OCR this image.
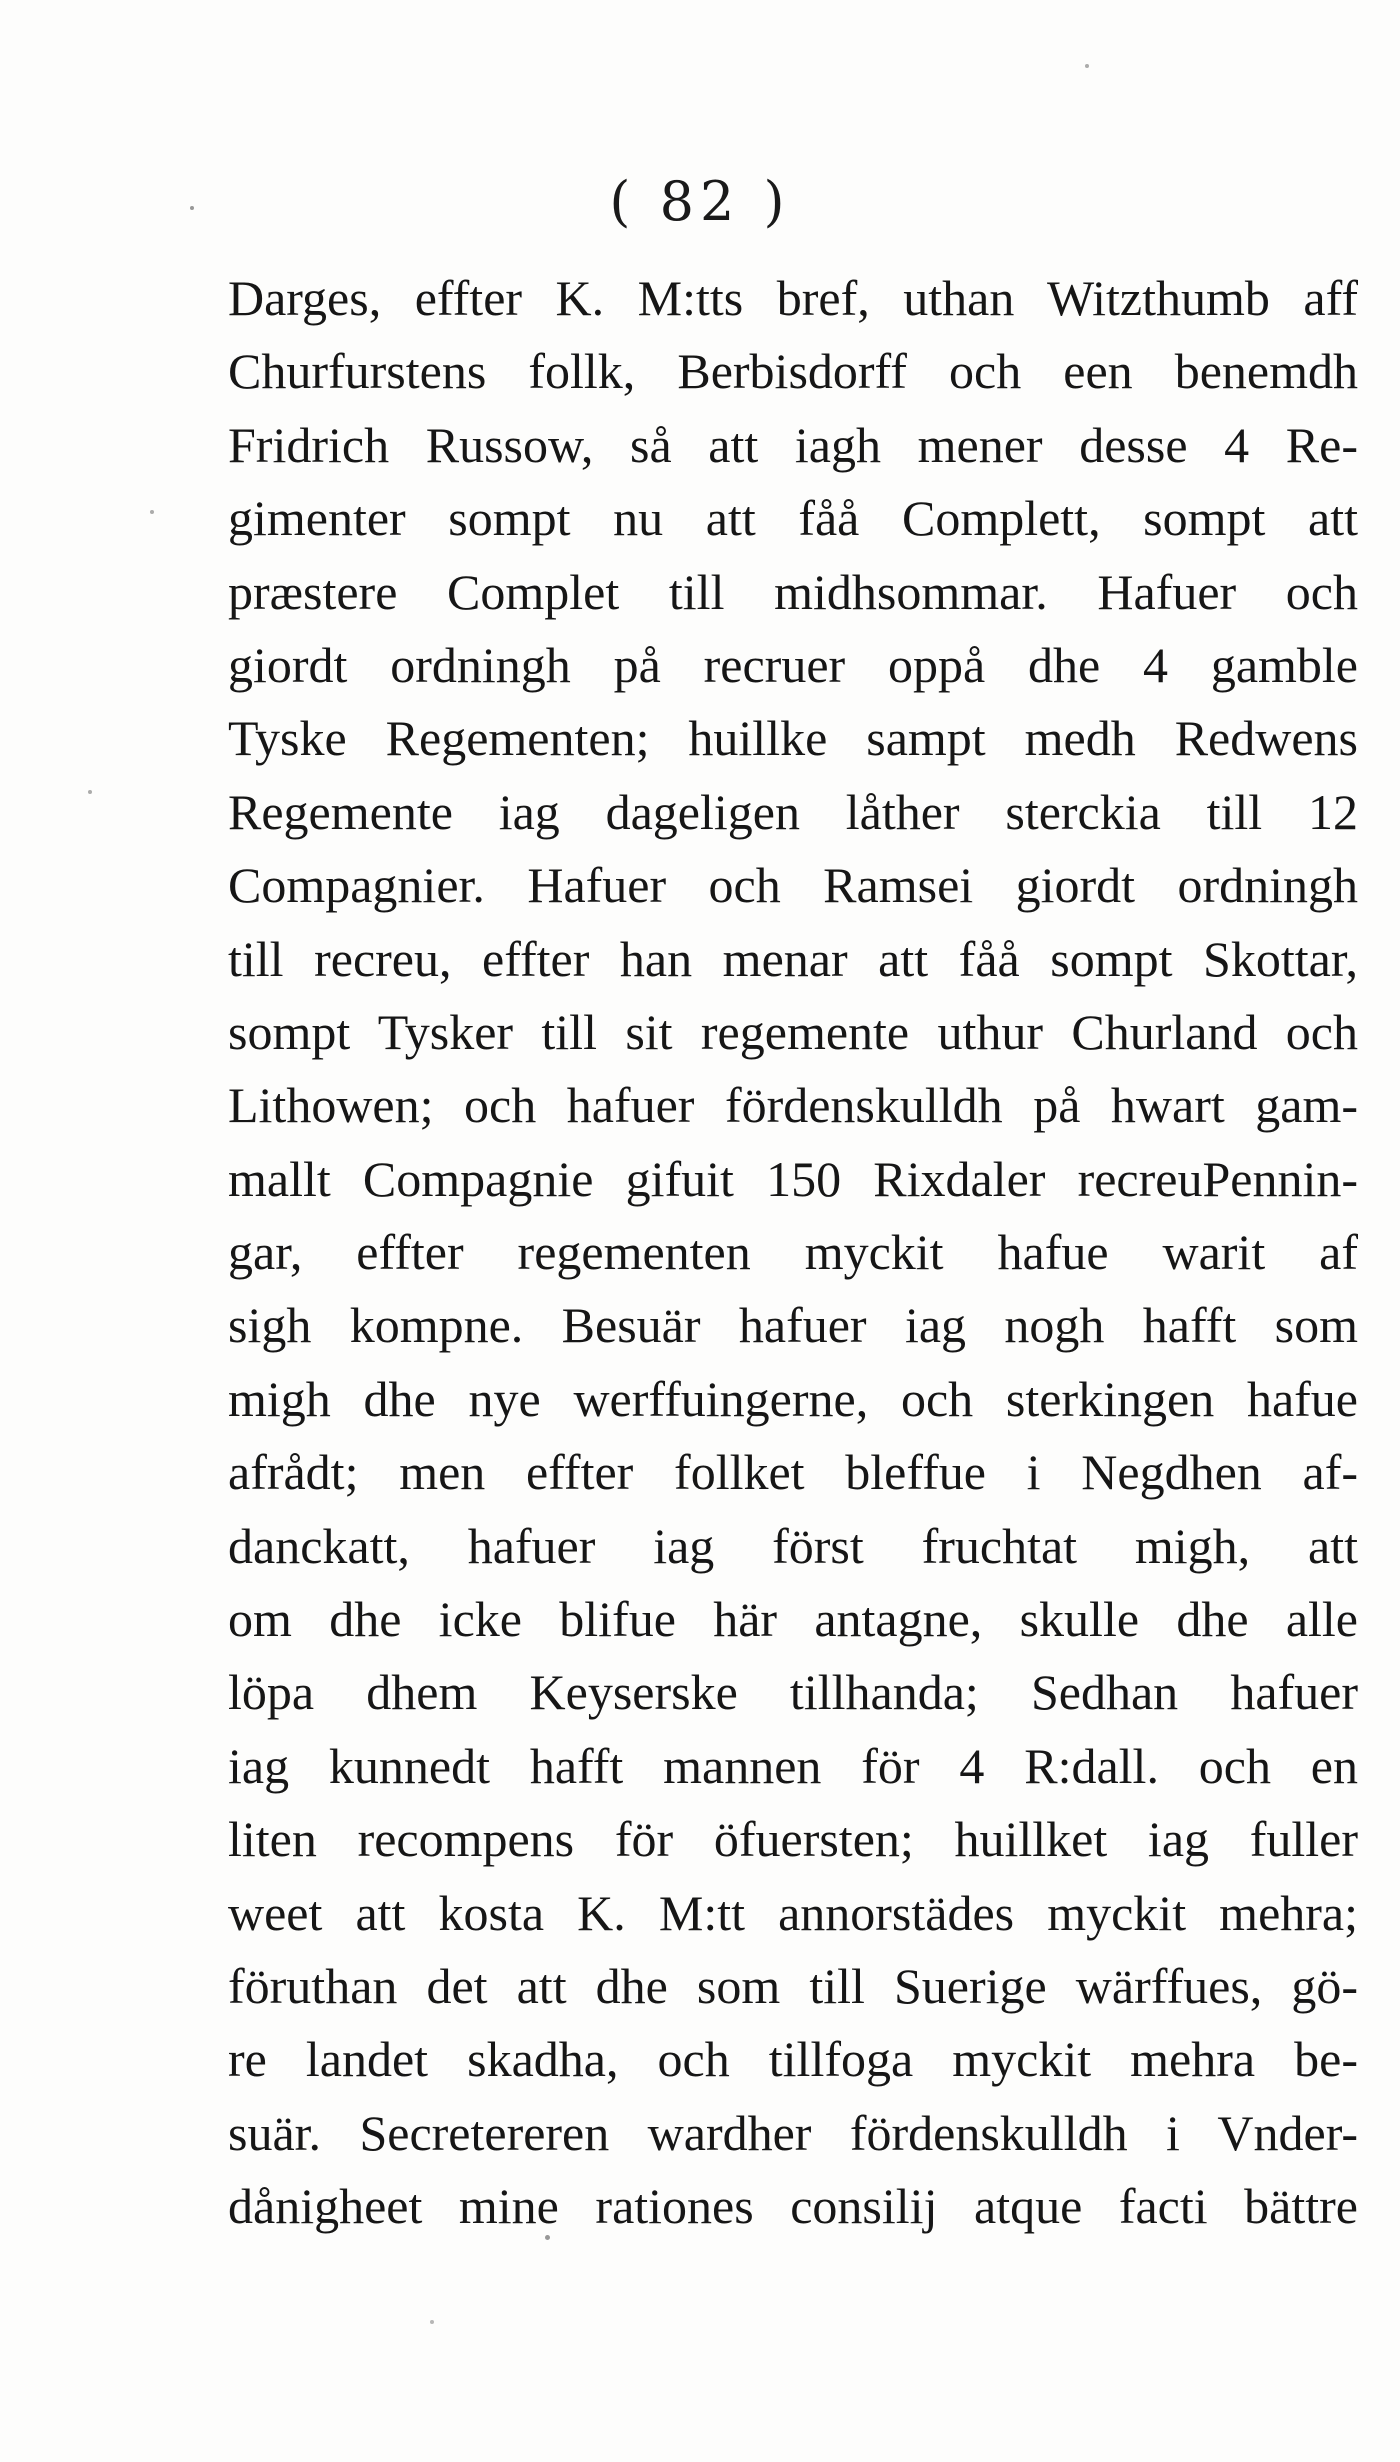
( 82 )
Darges, effter K. M:tts bref, uthan Witzthumb aff
Churfurstens follk, Berbisdorff och een benemdh
Fridrich Russow, så att iagh mener desse 4 Re-
gimenter sompt nu att fåå Complett, sompt att
præstere Complet till midhsommar. Hafuer och
giordt ordningh på recruer oppå dhe 4 gamble
Tyske Regementen; huillke sampt medh Redwens
Regemente iag dageligen låther sterckia till 12
Compagnier. Hafuer och Ramsei giordt ordningh
till recreu, effter han menar att fåå sompt Skottar,
sompt Tysker till sit regemente uthur Churland och
Lithowen; och hafuer fördenskulldh på hwart gam-
mallt Compagnie gifuit 150 Rixdaler recreuPennin-
gar, effter regementen myckit hafue warit af
sigh kompne. Besuär hafuer iag nogh hafft som
migh dhe nye werffuingerne, och sterkingen hafue
afrådt; men effter follket bleffue i Negdhen af-
danckatt, hafuer iag först fruchtat migh, att
om dhe icke blifue här antagne, skulle dhe alle
löpa dhem Keyserske tillhanda; Sedhan hafuer
iag kunnedt hafft mannen för 4 R:dall. och en
liten recompens för öfuersten; huillket iag fuller
weet att kosta K. M:tt annorstädes myckit mehra;
föruthan det att dhe som till Suerige wärffues, gö-
re landet skadha, och tillfoga myckit mehra be-
suär. Secretereren wardher fördenskulldh i Vnder-
dånigheet mine rationes consilij atque facti bättre
